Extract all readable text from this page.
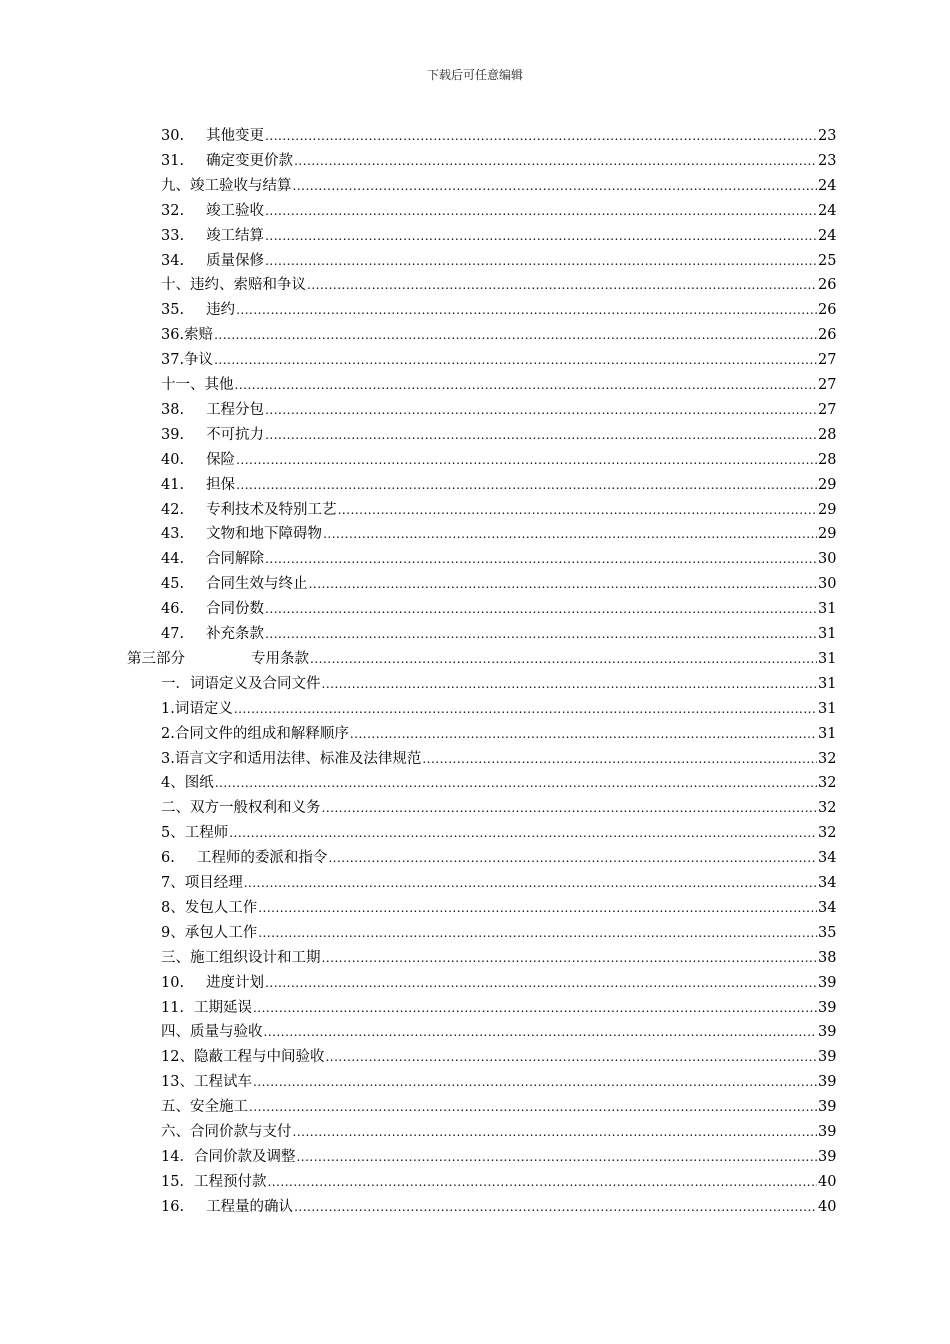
下载后可任意编辑
30. 其他变更 .....	23
31. 确定变更价款 .....	23
九、竣工验收与结算 .....	24
32. 竣工验收 .....	24
33. 竣工结算 .....	24
34. 质量保修 .....	25
十、违约、索赔和争议 .....	26
35. 违约 .....	26
36.索赔 .....	26
37.争议 .....	27
十一、其他 .....	27
38. 工程分包 .....	27
39. 不可抗力 .....	28
40. 保险 .....	28
41. 担保 .....	29
42. 专利技术及特别工艺 .....	29
43. 文物和地下障碍物 .....	29
44. 合同解除 .....	30
45. 合同生效与终止 .....	30
46. 合同份数 .....	31
47. 补充条款 .....	31
第三部分	专用条款 .....	31
一．词语定义及合同文件 .....	31
1.词语定义 .....	31
2.合同文件的组成和解释顺序 .....	31
3.语言文字和适用法律、标准及法律规范 .....	32
4、图纸 .....	32
二、双方一般权利和义务 .....	32
5、工程师 .....	32
6. 工程师的委派和指令 .....	34
7、项目经理 .....	34
8、发包人工作 .....	34
9、承包人工作 .....	35
三、施工组织设计和工期 .....	38
10. 进度计划 .....	39
11．工期延误 .....	39
四、质量与验收 .....	39
12、隐蔽工程与中间验收 .....	39
13、工程试车 .....	39
五、安全施工 .....	39
六、合同价款与支付 .....	39
14．合同价款及调整 .....	39
15．工程预付款 .....	40
16. 工程量的确认 .....	40
